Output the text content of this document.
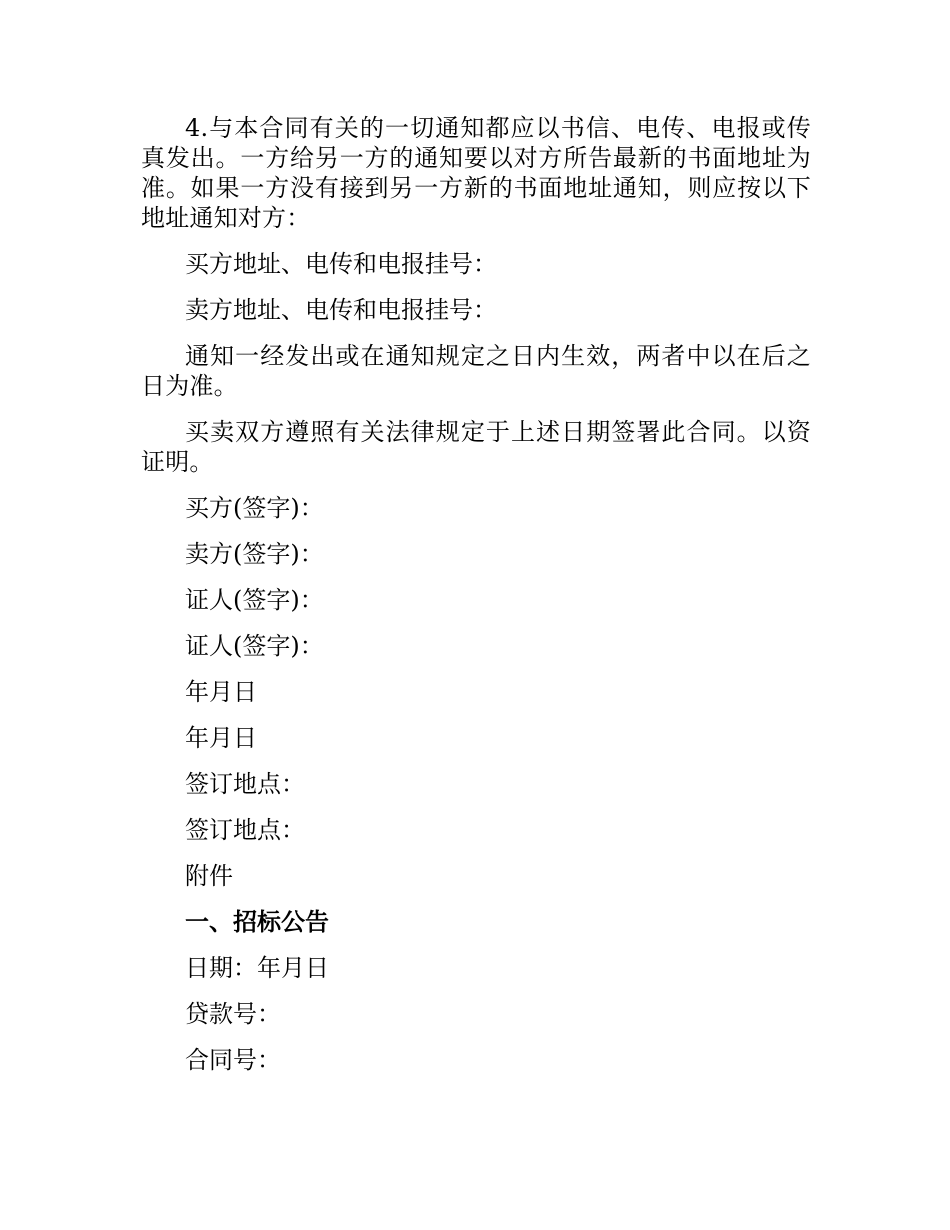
4.与本合同有关的一切通知都应以书信、电传、电报或传真发出。一方给另一方的通知要以对方所告最新的书面地址为准。如果一方没有接到另一方新的书面地址通知，则应按以下地址通知对方：

买方地址、电传和电报挂号：

卖方地址、电传和电报挂号：

通知一经发出或在通知规定之日内生效，两者中以在后之日为准。

买卖双方遵照有关法律规定于上述日期签署此合同。以资证明。

买方(签字)：

卖方(签字)：

证人(签字)：

证人(签字)：

年月日

年月日

签订地点：

签订地点：

附件

一、招标公告

日期：年月日

贷款号：

合同号：
